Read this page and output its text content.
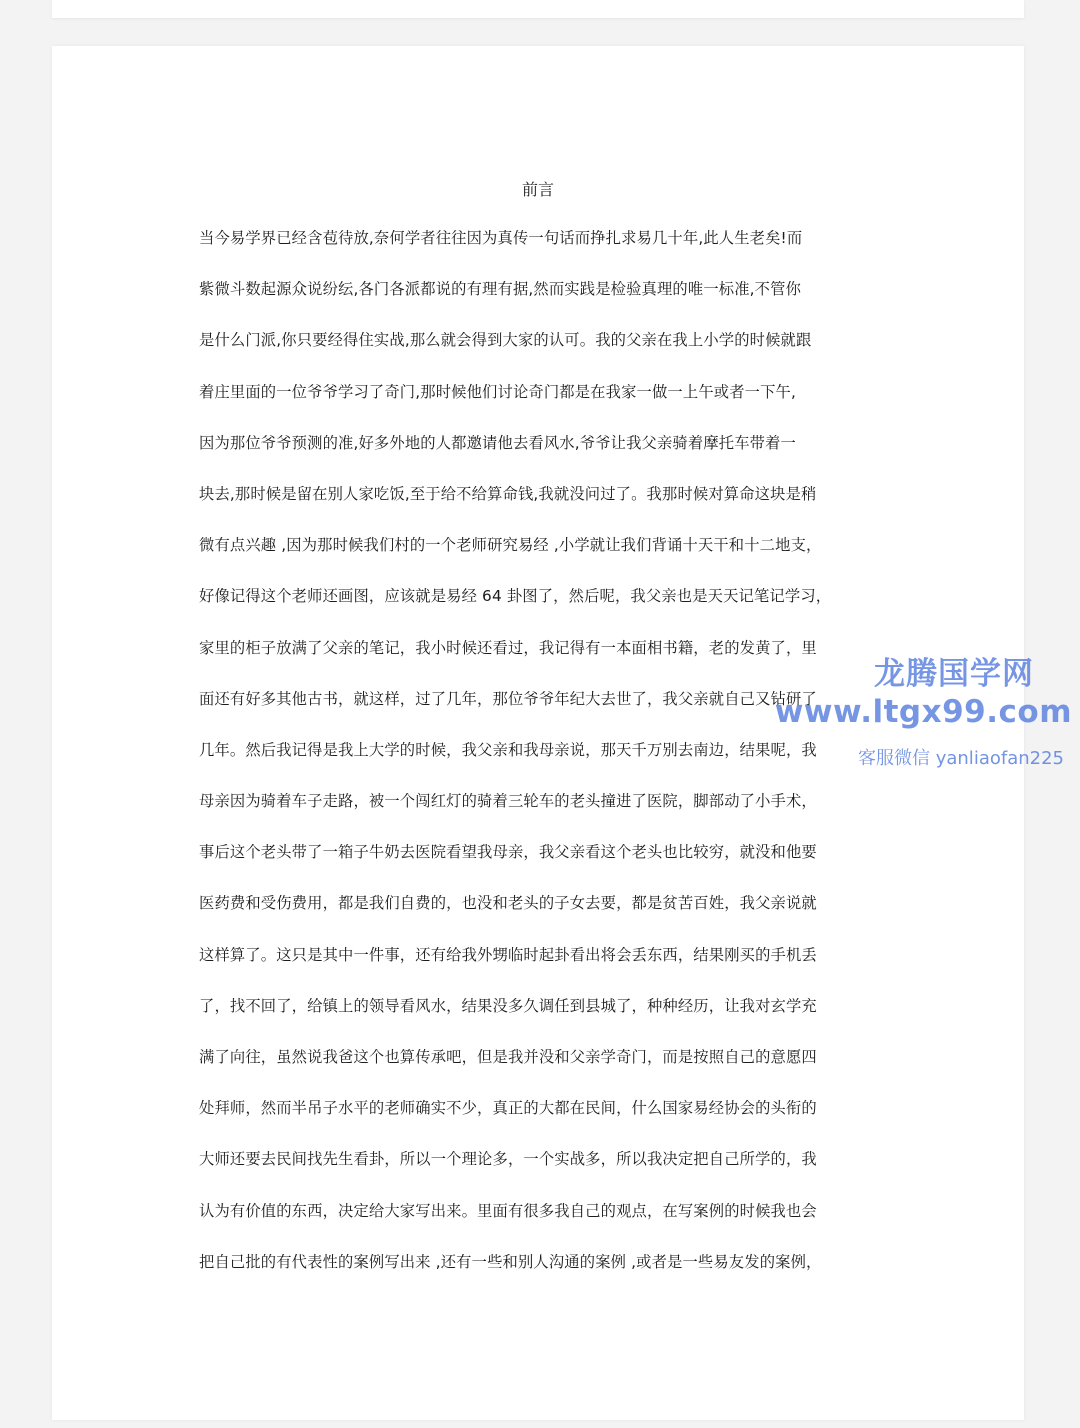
前言
当今易学界已经含苞待放,奈何学者往往因为真传一句话而挣扎求易几十年,此人生老矣!而
紫微斗数起源众说纷纭,各门各派都说的有理有据,然而实践是检验真理的唯一标准,不管你
是什么门派,你只要经得住实战,那么就会得到大家的认可。我的父亲在我上小学的时候就跟
着庄里面的一位爷爷学习了奇门,那时候他们讨论奇门都是在我家一做一上午或者一下午,
因为那位爷爷预测的准,好多外地的人都邀请他去看风水,爷爷让我父亲骑着摩托车带着一
块去,那时候是留在别人家吃饭,至于给不给算命钱,我就没问过了。我那时候对算命这块是稍
微有点兴趣 ,因为那时候我们村的一个老师研究易经 ,小学就让我们背诵十天干和十二地支，
好像记得这个老师还画图，应该就是易经 64 卦图了，然后呢，我父亲也是天天记笔记学习，
家里的柜子放满了父亲的笔记，我小时候还看过，我记得有一本面相书籍，老的发黄了，里
面还有好多其他古书，就这样，过了几年，那位爷爷年纪大去世了，我父亲就自己又钻研了
几年。然后我记得是我上大学的时候，我父亲和我母亲说，那天千万别去南边，结果呢，我
母亲因为骑着车子走路，被一个闯红灯的骑着三轮车的老头撞进了医院，脚部动了小手术，
事后这个老头带了一箱子牛奶去医院看望我母亲，我父亲看这个老头也比较穷，就没和他要
医药费和受伤费用，都是我们自费的，也没和老头的子女去要，都是贫苦百姓，我父亲说就
这样算了。这只是其中一件事，还有给我外甥临时起卦看出将会丢东西，结果刚买的手机丢
了，找不回了，给镇上的领导看风水，结果没多久调任到县城了，种种经历，让我对玄学充
满了向往，虽然说我爸这个也算传承吧，但是我并没和父亲学奇门，而是按照自己的意愿四
处拜师，然而半吊子水平的老师确实不少，真正的大都在民间，什么国家易经协会的头衔的
大师还要去民间找先生看卦，所以一个理论多，一个实战多，所以我决定把自己所学的，我
认为有价值的东西，决定给大家写出来。里面有很多我自己的观点，在写案例的时候我也会
把自己批的有代表性的案例写出来 ,还有一些和别人沟通的案例 ,或者是一些易友发的案例，
龙腾国学网
www.ltgx99.com
客服微信 yanliaofan225
